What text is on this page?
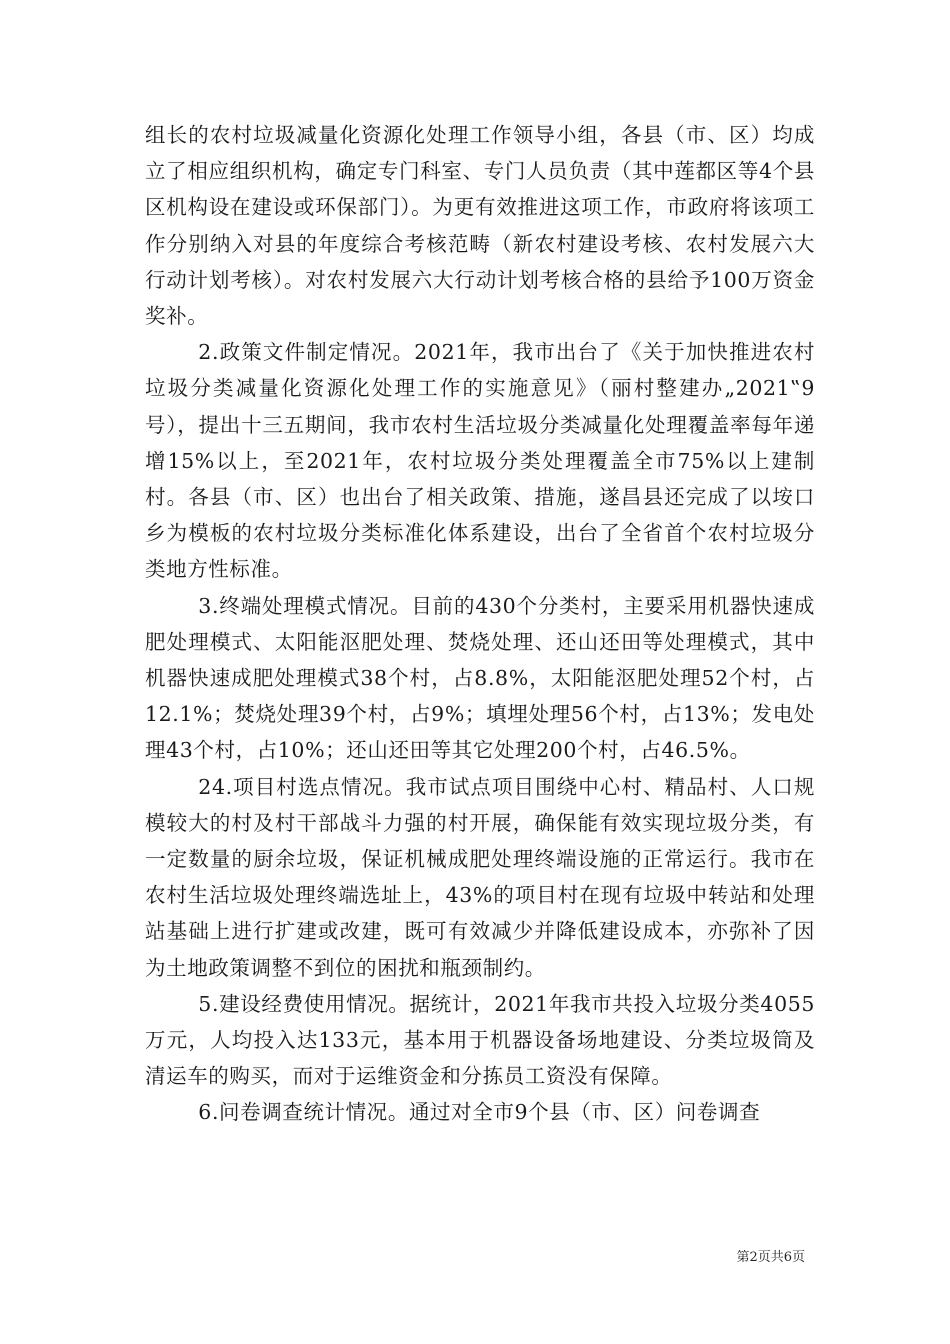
组长的农村垃圾减量化资源化处理工作领导小组，各县（市、区）均成立了相应组织机构，确定专门科室、专门人员负责（其中莲都区等4个县区机构设在建设或环保部门）。为更有效推进这项工作，市政府将该项工作分别纳入对县的年度综合考核范畴（新农村建设考核、农村发展六大行动计划考核）。对农村发展六大行动计划考核合格的县给予100万资金奖补。

2.政策文件制定情况。2021年，我市出台了《关于加快推进农村垃圾分类减量化资源化处理工作的实施意见》（丽村整建办„2021‟9号），提出十三五期间，我市农村生活垃圾分类减量化处理覆盖率每年递增15%以上，至2021年，农村垃圾分类处理覆盖全市75%以上建制村。各县（市、区）也出台了相关政策、措施，遂昌县还完成了以垵口乡为模板的农村垃圾分类标准化体系建设，出台了全省首个农村垃圾分类地方性标准。

3.终端处理模式情况。目前的430个分类村，主要采用机器快速成肥处理模式、太阳能沤肥处理、焚烧处理、还山还田等处理模式，其中机器快速成肥处理模式38个村，占8.8%，太阳能沤肥处理52个村，占12.1%；焚烧处理39个村，占9%；填埋处理56个村，占13%；发电处理43个村，占10%；还山还田等其它处理200个村，占46.5%。

24.项目村选点情况。我市试点项目围绕中心村、精品村、人口规模较大的村及村干部战斗力强的村开展，确保能有效实现垃圾分类，有一定数量的厨余垃圾，保证机械成肥处理终端设施的正常运行。我市在农村生活垃圾处理终端选址上，43%的项目村在现有垃圾中转站和处理站基础上进行扩建或改建，既可有效减少并降低建设成本，亦弥补了因为土地政策调整不到位的困扰和瓶颈制约。

5.建设经费使用情况。据统计，2021年我市共投入垃圾分类4055万元，人均投入达133元，基本用于机器设备场地建设、分类垃圾筒及清运车的购买，而对于运维资金和分拣员工资没有保障。

6.问卷调查统计情况。通过对全市9个县（市、区）问卷调查

第2页共6页
